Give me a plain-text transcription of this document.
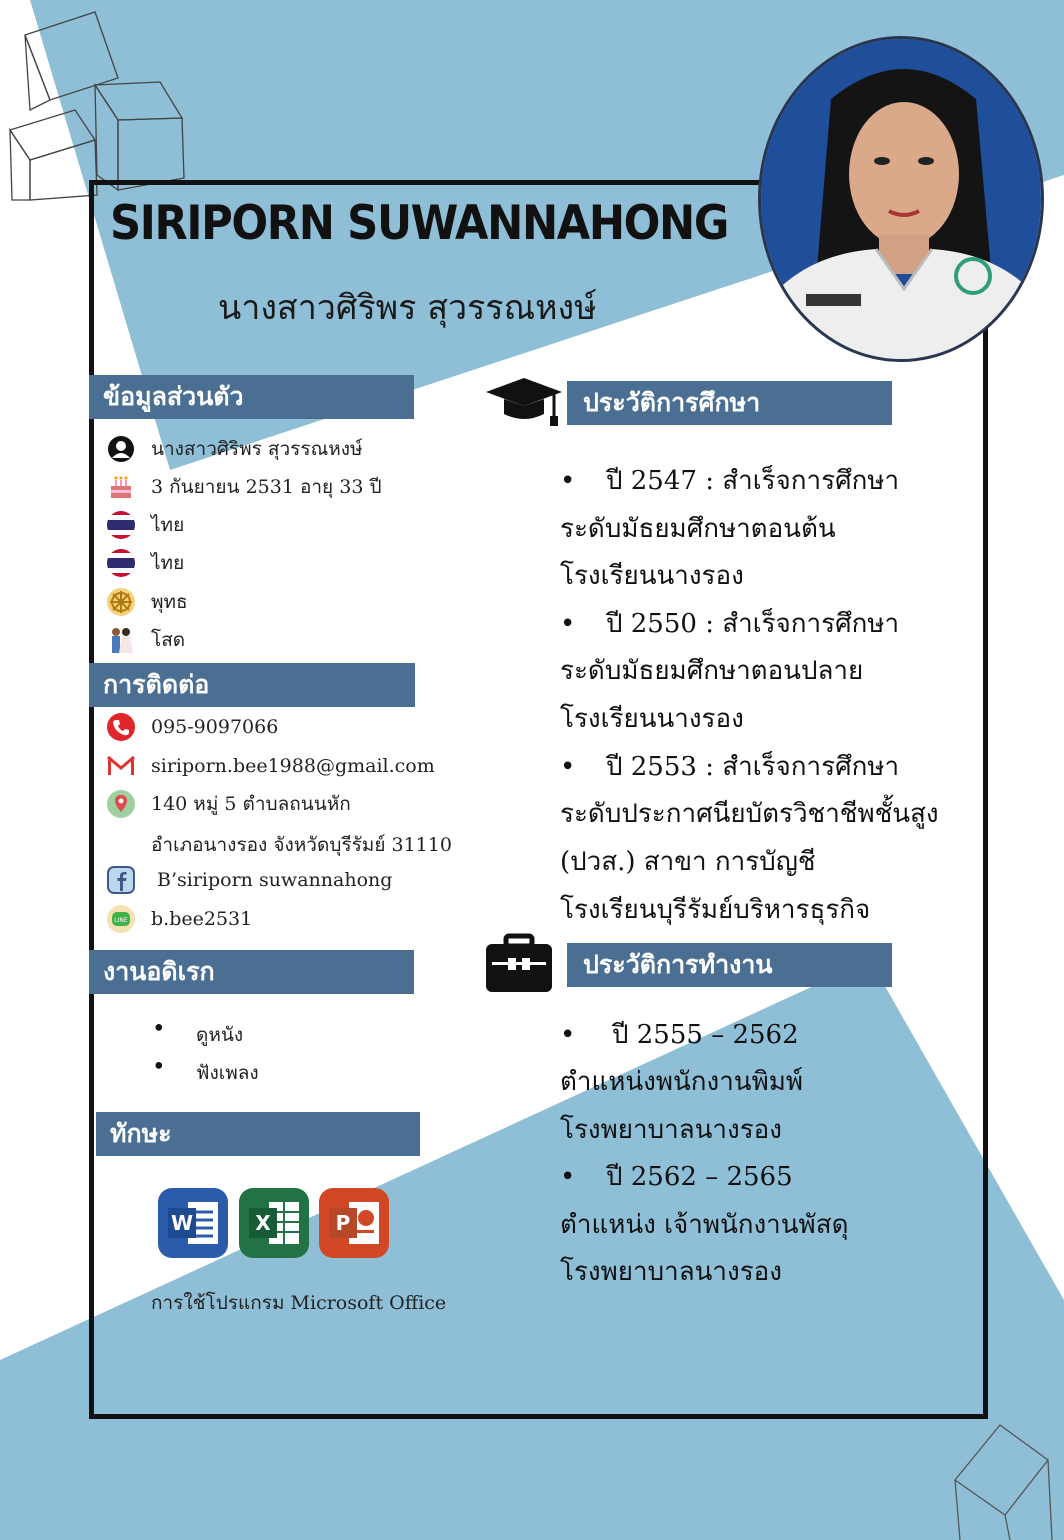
SIRIPORN SUWANNAHONG
นางสาวศิริพร สุวรรณหงษ์
ข้อมูลส่วนตัว
นางสาวศิริพร สุวรรณหงษ์
3 กันยายน 2531 อายุ 33 ปี
ไทย
ไทย
พุทธ
โสด
การติดต่อ
095-9097066
siriporn.bee1988@gmail.com
140 หมู่ 5 ตำบลถนนหัก
อำเภอนางรอง จังหวัดบุรีรัมย์ 31110
B’siriporn suwannahong
LINE b.bee2531
งานอดิเรก
• ดูหนัง
• ฟังเพลง
ทักษะ
W	X	P
การใช้โปรแกรม Microsoft Office
ประวัติการศึกษา
• ปี 2547 : สำเร็จการศึกษา
ระดับมัธยมศึกษาตอนต้น
โรงเรียนนางรอง
• ปี 2550 : สำเร็จการศึกษา
ระดับมัธยมศึกษาตอนปลาย
โรงเรียนนางรอง
• ปี 2553 : สำเร็จการศึกษา
ระดับประกาศนียบัตรวิชาชีพชั้นสูง
(ปวส.) สาขา การบัญชี
โรงเรียนบุรีรัมย์บริหารธุรกิจ
ประวัติการทำงาน
• ปี 2555 – 2562
ตำแหน่งพนักงานพิมพ์
โรงพยาบาลนางรอง
• ปี 2562 – 2565
ตำแหน่ง เจ้าพนักงานพัสดุ
โรงพยาบาลนางรอง
